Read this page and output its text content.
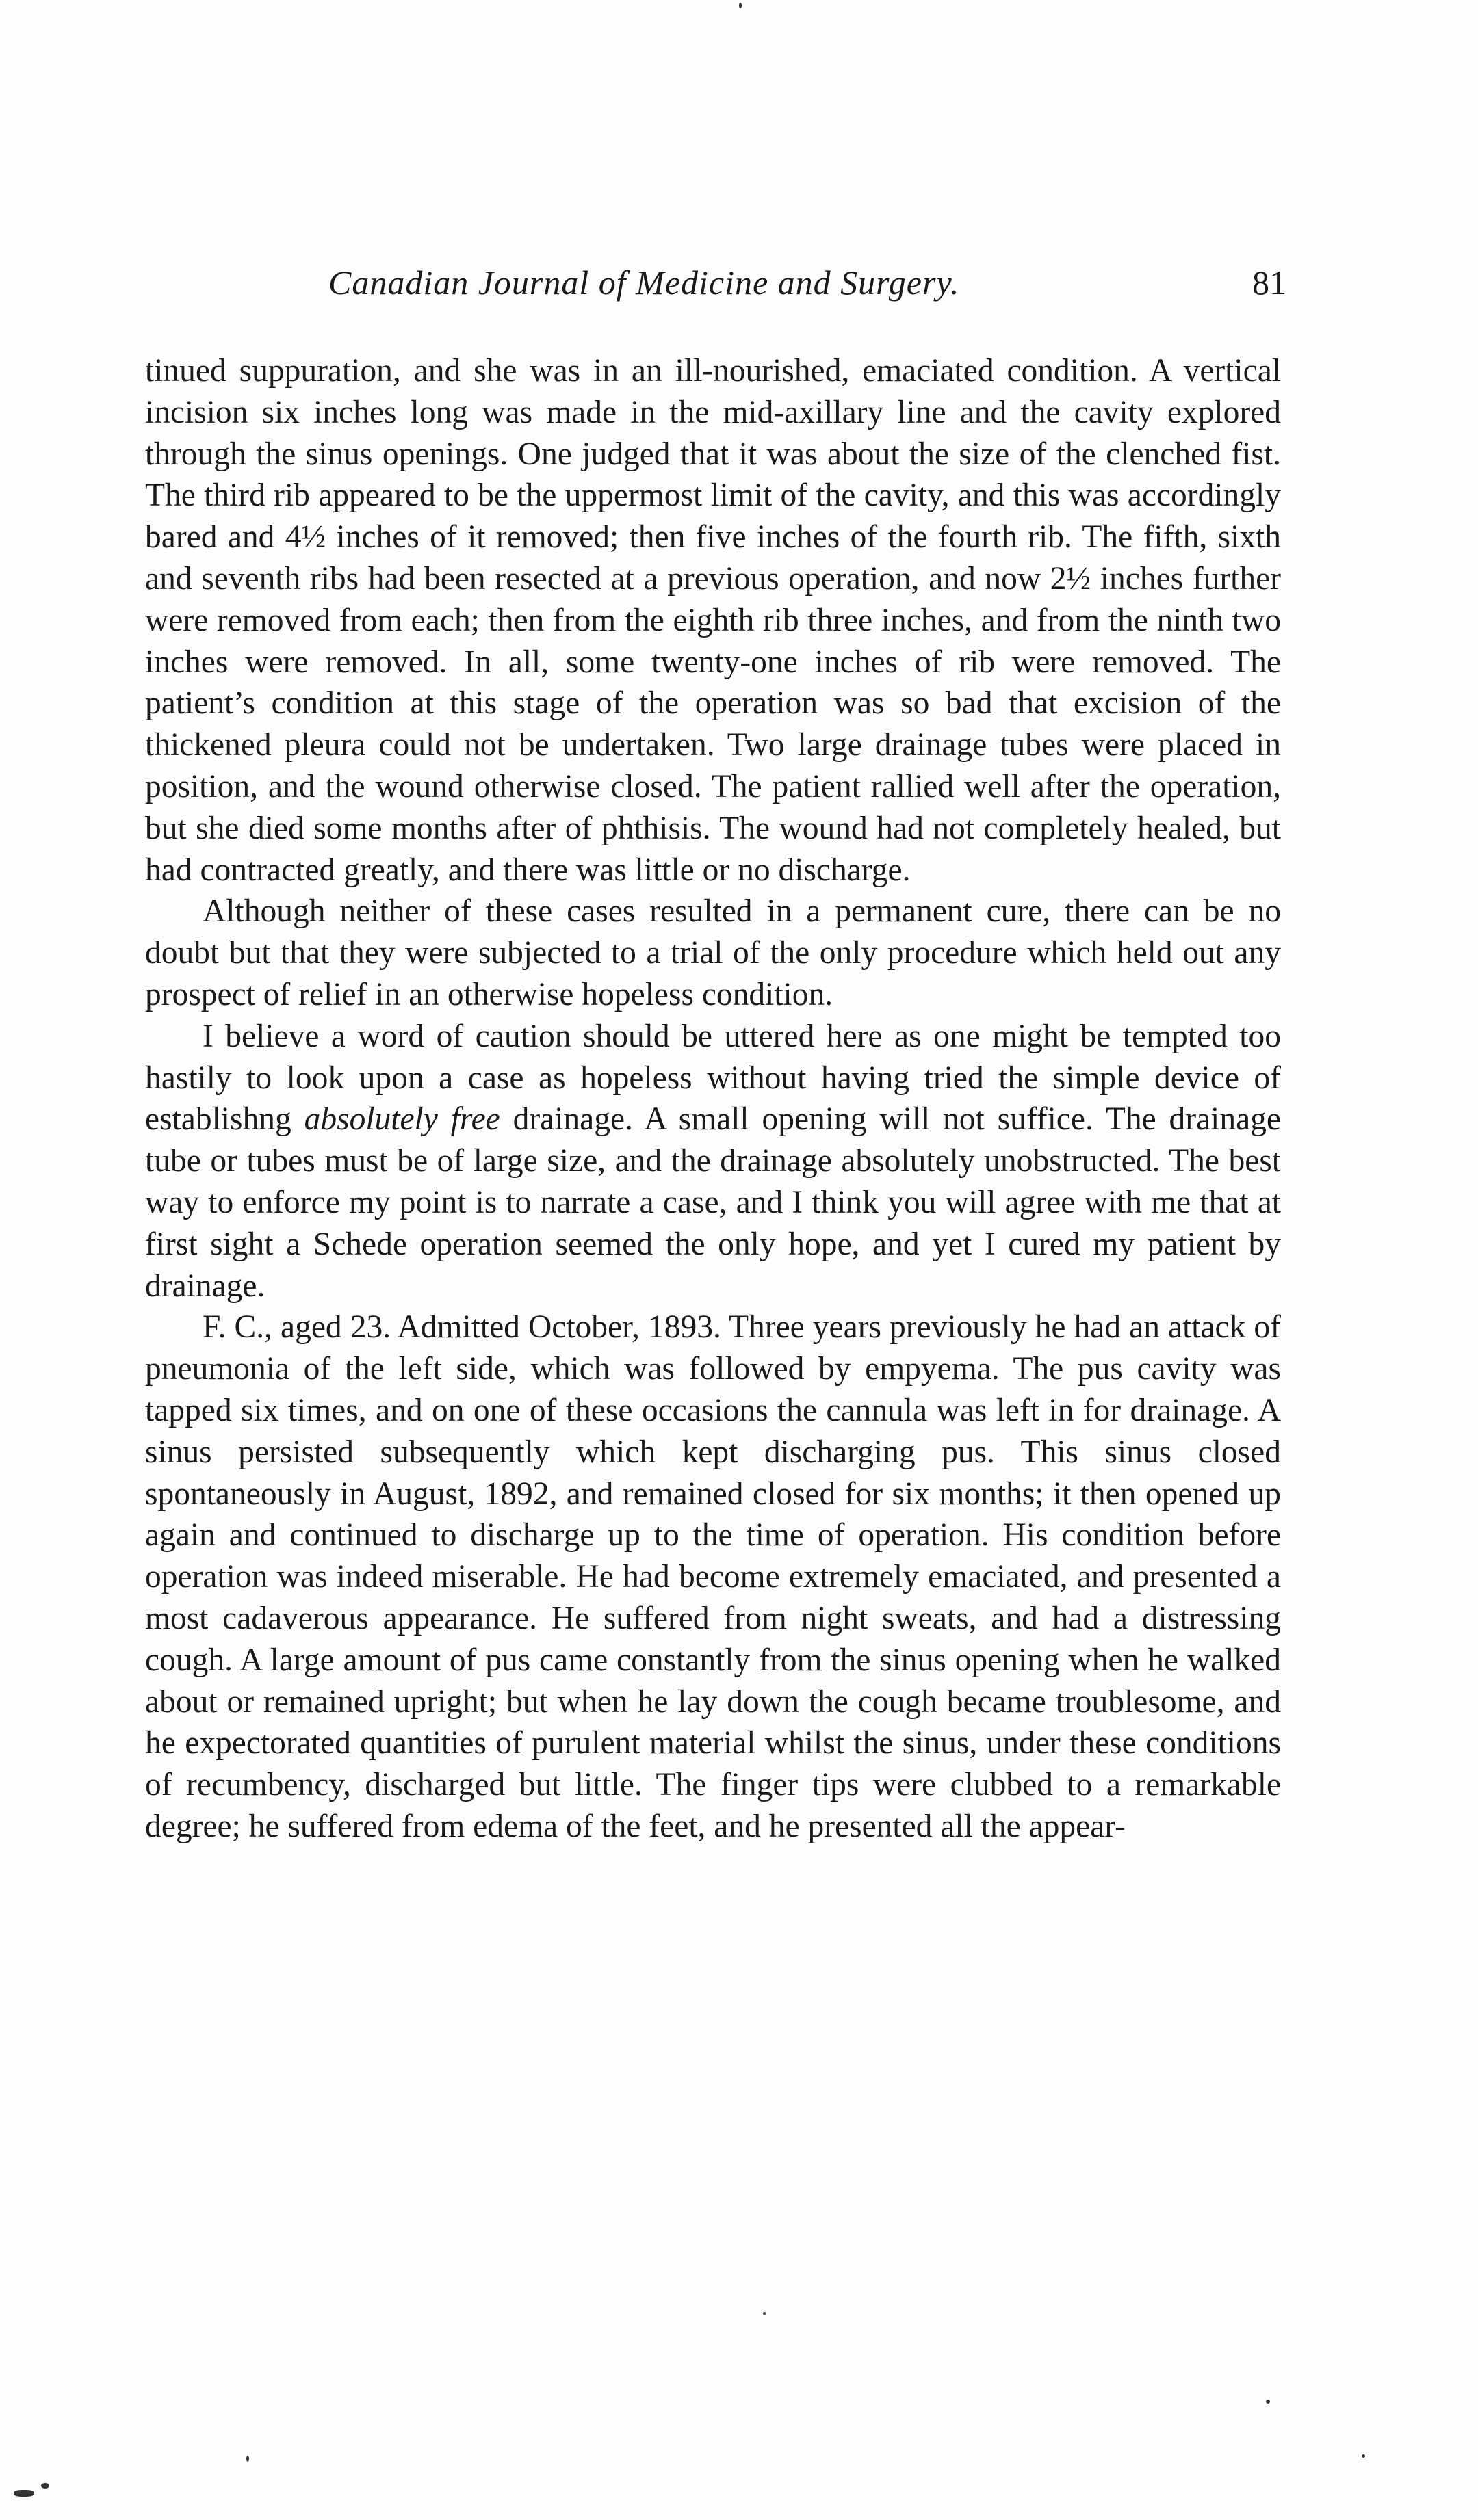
Canadian Journal of Medicine and Surgery.	81

tinued suppuration, and she was in an ill-nourished, emaciated condition. A vertical incision six inches long was made in the mid-axillary line and the cavity explored through the sinus openings. One judged that it was about the size of the clenched fist. The third rib appeared to be the uppermost limit of the cavity, and this was accordingly bared and 4½ inches of it removed; then five inches of the fourth rib. The fifth, sixth and seventh ribs had been resected at a previous operation, and now 2½ inches further were removed from each; then from the eighth rib three inches, and from the ninth two inches were removed. In all, some twenty-one inches of rib were removed. The patient’s condition at this stage of the operation was so bad that excision of the thickened pleura could not be undertaken. Two large drainage tubes were placed in position, and the wound otherwise closed. The patient rallied well after the operation, but she died some months after of phthisis. The wound had not completely healed, but had contracted greatly, and there was little or no discharge.

Although neither of these cases resulted in a permanent cure, there can be no doubt but that they were subjected to a trial of the only procedure which held out any prospect of relief in an otherwise hopeless condition.

I believe a word of caution should be uttered here as one might be tempted too hastily to look upon a case as hopeless without having tried the simple device of establishng absolutely free drainage. A small opening will not suffice. The drainage tube or tubes must be of large size, and the drainage absolutely unobstructed. The best way to enforce my point is to narrate a case, and I think you will agree with me that at first sight a Schede operation seemed the only hope, and yet I cured my patient by drainage.

F. C., aged 23. Admitted October, 1893. Three years previously he had an attack of pneumonia of the left side, which was followed by empyema. The pus cavity was tapped six times, and on one of these occasions the cannula was left in for drainage. A sinus persisted subsequently which kept discharging pus. This sinus closed spontaneously in August, 1892, and remained closed for six months; it then opened up again and continued to discharge up to the time of operation. His condition before operation was indeed miserable. He had become extremely emaciated, and presented a most cadaverous appearance. He suffered from night sweats, and had a distressing cough. A large amount of pus came constantly from the sinus opening when he walked about or remained upright; but when he lay down the cough became troublesome, and he expectorated quantities of purulent material whilst the sinus, under these conditions of recumbency, discharged but little. The finger tips were clubbed to a remarkable degree; he suffered from edema of the feet, and he presented all the appear-
